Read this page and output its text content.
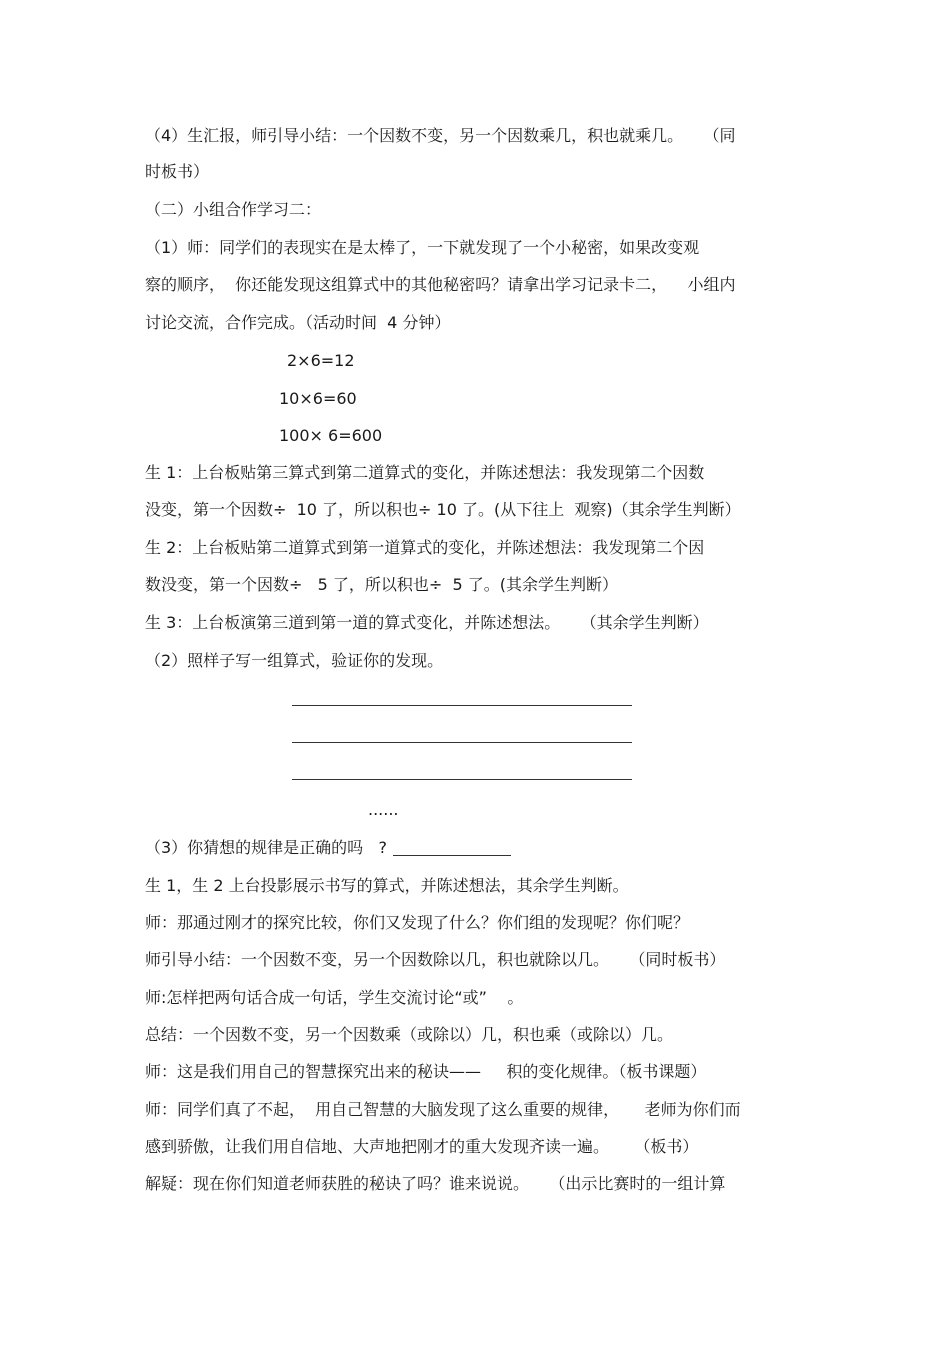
（4）生汇报，师引导小结：一个因数不变，另一个因数乘几，积也就乘几。    （同
时板书）
（二）小组合作学习二：
（1）师：同学们的表现实在是太棒了，一下就发现了一个小秘密，如果改变观
察的顺序，  你还能发现这组算式中的其他秘密吗？请拿出学习记录卡二，    小组内
讨论交流，合作完成。（活动时间  4 分钟）
2×6=12
10×6=60
100× 6=600
生 1：上台板贴第三算式到第二道算式的变化，并陈述想法：我发现第二个因数
没变，第一个因数÷  10 了，所以积也÷ 10 了。(从下往上  观察)（其余学生判断）
生 2：上台板贴第二道算式到第一道算式的变化，并陈述想法：我发现第二个因
数没变，第一个因数÷   5 了，所以积也÷  5 了。(其余学生判断）
生 3：上台板演第三道到第一道的算式变化，并陈述想法。    （其余学生判断）
（2）照样子写一组算式，验证你的发现。
......
（3）你猜想的规律是正确的吗   ?
生 1，生 2 上台投影展示书写的算式，并陈述想法，其余学生判断。
师：那通过刚才的探究比较，你们又发现了什么？你们组的发现呢？你们呢？
师引导小结：一个因数不变，另一个因数除以几，积也就除以几。    （同时板书）
师:怎样把两句话合成一句话，学生交流讨论“或”    。
总结：一个因数不变，另一个因数乘（或除以）几，积也乘（或除以）几。
师：这是我们用自己的智慧探究出来的秘诀——     积的变化规律。（板书课题）
师：同学们真了不起，  用自己智慧的大脑发现了这么重要的规律，     老师为你们而
感到骄傲，让我们用自信地、大声地把刚才的重大发现齐读一遍。     （板书）
解疑：现在你们知道老师获胜的秘诀了吗？谁来说说。    （出示比赛时的一组计算
